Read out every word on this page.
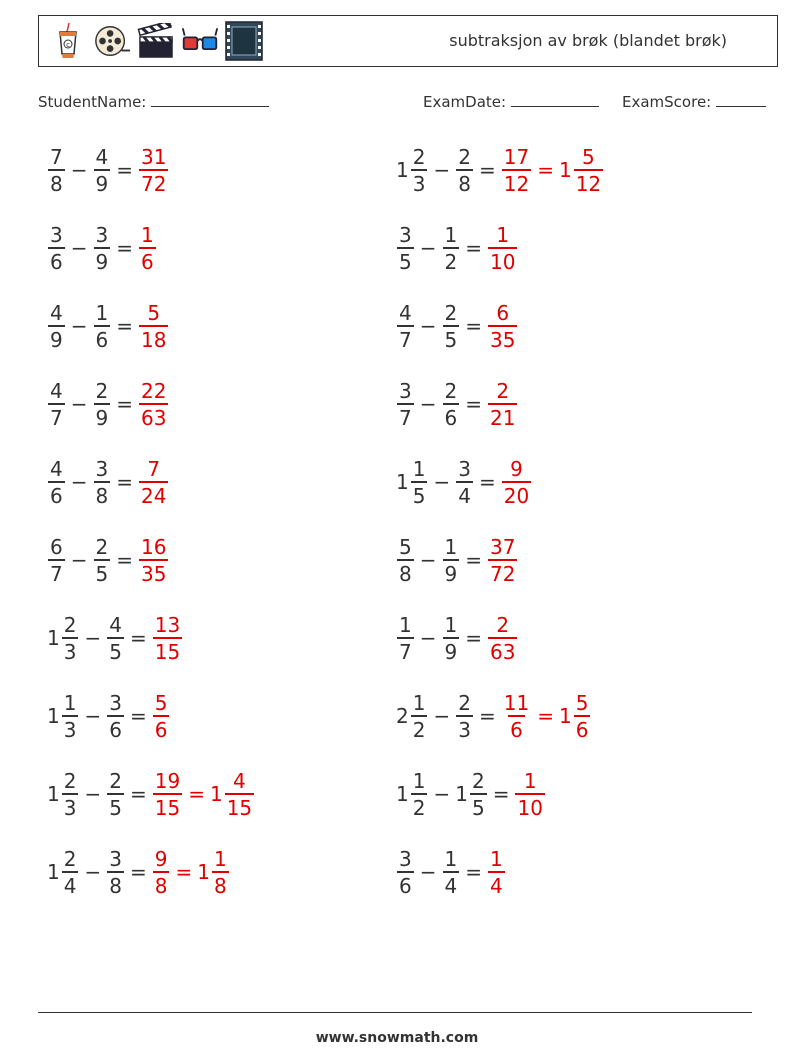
c	subtraksjon av brøk (blandet brøk)
StudentName:	ExamDate:	ExamScore:
$\frac{7}{8} - \frac{4}{9} = \frac{31}{72}$	$1 \frac{2}{3} - \frac{2}{8} = \frac{17}{12} = 1 \frac{5}{12}$
$\frac{3}{6} - \frac{3}{9} = \frac{1}{6}$	$\frac{3}{5} - \frac{1}{2} = \frac{1}{10}$
$\frac{4}{9} - \frac{1}{6} = \frac{5}{18}$	$\frac{4}{7} - \frac{2}{5} = \frac{6}{35}$
$\frac{4}{7} - \frac{2}{9} = \frac{22}{63}$	$\frac{3}{7} - \frac{2}{6} = \frac{2}{21}$
$\frac{4}{6} - \frac{3}{8} = \frac{7}{24}$	$1 \frac{1}{5} - \frac{3}{4} = \frac{9}{20}$
$\frac{6}{7} - \frac{2}{5} = \frac{16}{35}$	$\frac{5}{8} - \frac{1}{9} = \frac{37}{72}$
$1 \frac{2}{3} - \frac{4}{5} = \frac{13}{15}$	$\frac{1}{7} - \frac{1}{9} = \frac{2}{63}$
$1 \frac{1}{3} - \frac{3}{6} = \frac{5}{6}$	$2 \frac{1}{2} - \frac{2}{3} = \frac{11}{6} = 1 \frac{5}{6}$
$1 \frac{2}{3} - \frac{2}{5} = \frac{19}{15} = 1 \frac{4}{15}$	$1 \frac{1}{2} - 1 \frac{2}{5} = \frac{1}{10}$
$1 \frac{2}{4} - \frac{3}{8} = \frac{9}{8} = 1 \frac{1}{8}$	$\frac{3}{6} - \frac{1}{4} = \frac{1}{4}$
www.snowmath.com
